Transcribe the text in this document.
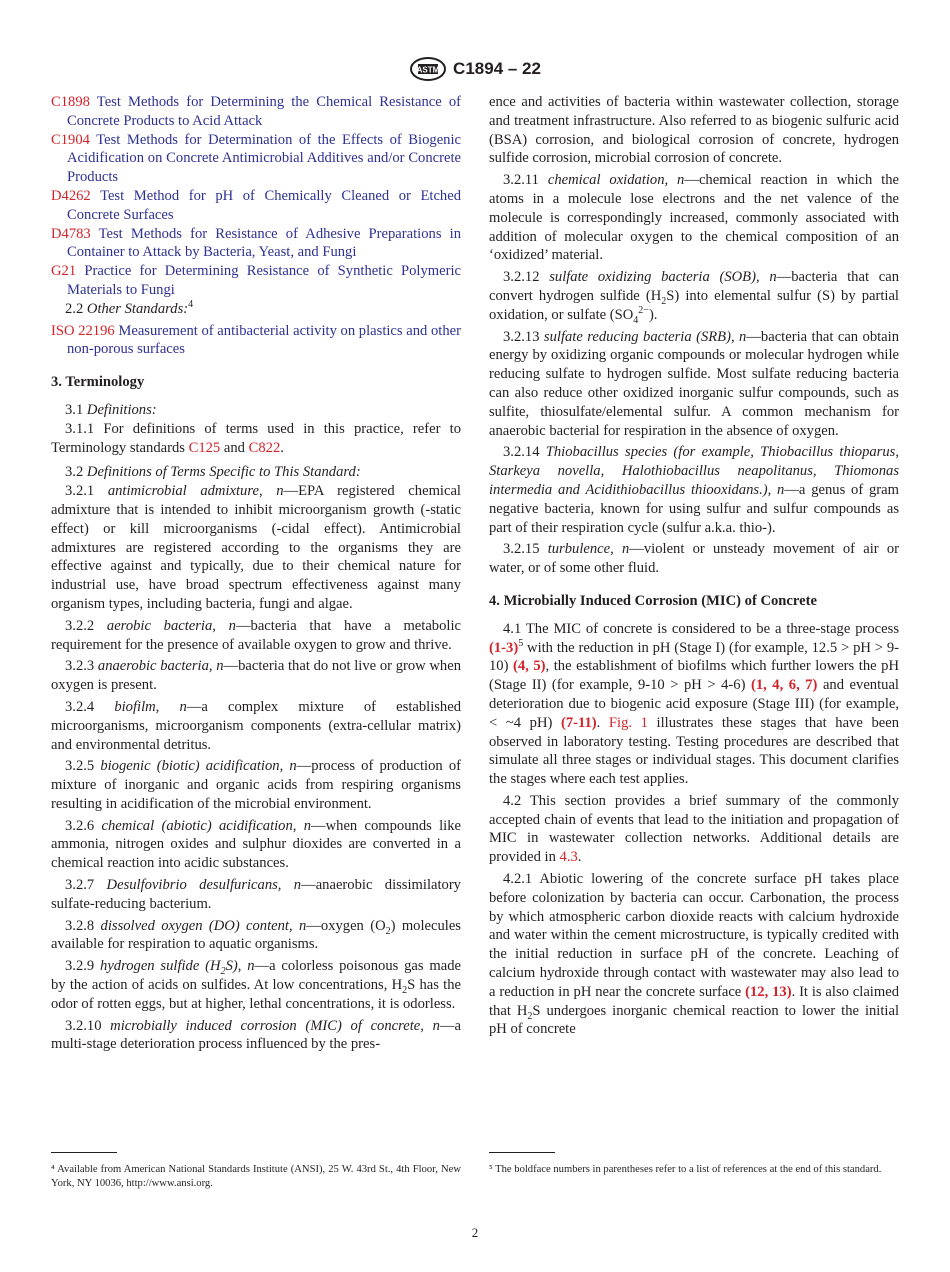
ASTM C1894 – 22

C1898 Test Methods for Determining the Chemical Resistance of Concrete Products to Acid Attack

C1904 Test Methods for Determination of the Effects of Biogenic Acidification on Concrete Antimicrobial Additives and/or Concrete Products

D4262 Test Method for pH of Chemically Cleaned or Etched Concrete Surfaces

D4783 Test Methods for Resistance of Adhesive Preparations in Container to Attack by Bacteria, Yeast, and Fungi

G21 Practice for Determining Resistance of Synthetic Polymeric Materials to Fungi

2.2 Other Standards:$^4$

ISO 22196 Measurement of antibacterial activity on plastics and other non-porous surfaces

3. Terminology

3.1 Definitions:

3.1.1 For definitions of terms used in this practice, refer to Terminology standards C125 and C822.

3.2 Definitions of Terms Specific to This Standard:

3.2.1 antimicrobial admixture, n—EPA registered chemical admixture that is intended to inhibit microorganism growth (-static effect) or kill microorganisms (-cidal effect). Antimicrobial admixtures are registered according to the organisms they are effective against and typically, due to their chemical nature for industrial use, have broad spectrum effectiveness against many organism types, including bacteria, fungi and algae.

3.2.2 aerobic bacteria, n—bacteria that have a metabolic requirement for the presence of available oxygen to grow and thrive.

3.2.3 anaerobic bacteria, n—bacteria that do not live or grow when oxygen is present.

3.2.4 biofilm, n—a complex mixture of established microorganisms, microorganism components (extra-cellular matrix) and environmental detritus.

3.2.5 biogenic (biotic) acidification, n—process of production of mixture of inorganic and organic acids from respiring organisms resulting in acidification of the microbial environment.

3.2.6 chemical (abiotic) acidification, n—when compounds like ammonia, nitrogen oxides and sulphur dioxides are converted in a chemical reaction into acidic substances.

3.2.7 Desulfovibrio desulfuricans, n—anaerobic dissimilatory sulfate-reducing bacterium.

3.2.8 dissolved oxygen (DO) content, n—oxygen $(O_2)$ molecules available for respiration to aquatic organisms.

3.2.9 hydrogen sulfide $(H_2S)$, n—a colorless poisonous gas made by the action of acids on sulfides. At low concentrations, $H_2S$ has the odor of rotten eggs, but at higher, lethal concentrations, it is odorless.

3.2.10 microbially induced corrosion (MIC) of concrete, n—a multi-stage deterioration process influenced by the pres-

ence and activities of bacteria within wastewater collection, storage and treatment infrastructure. Also referred to as biogenic sulfuric acid (BSA) corrosion, and biological corrosion of concrete, hydrogen sulfide corrosion, microbial corrosion of concrete.

3.2.11 chemical oxidation, n—chemical reaction in which the atoms in a molecule lose electrons and the net valence of the molecule is correspondingly increased, commonly associated with addition of molecular oxygen to the chemical composition of an ‘oxidized’ material.

3.2.12 sulfate oxidizing bacteria (SOB), n—bacteria that can convert hydrogen sulfide $(H_2S)$ into elemental sulfur (S) by partial oxidation, or sulfate $(SO_4^{2-})$.

3.2.13 sulfate reducing bacteria (SRB), n—bacteria that can obtain energy by oxidizing organic compounds or molecular hydrogen while reducing sulfate to hydrogen sulfide. Most sulfate reducing bacteria can also reduce other oxidized inorganic sulfur compounds, such as sulfite, thiosulfate/elemental sulfur. A common mechanism for anaerobic bacterial for respiration in the absence of oxygen.

3.2.14 Thiobacillus species (for example, Thiobacillus thioparus, Starkeya novella, Halothiobacillus neapolitanus, Thiomonas intermedia and Acidithiobacillus thiooxidans.), n—a genus of gram negative bacteria, known for using sulfur and sulfur compounds as part of their respiration cycle (sulfur a.k.a. thio-).

3.2.15 turbulence, n—violent or unsteady movement of air or water, or of some other fluid.

4. Microbially Induced Corrosion (MIC) of Concrete

4.1 The MIC of concrete is considered to be a three-stage process $(1-3)^5$ with the reduction in pH (Stage I) (for example, 12.5 > pH > 9-10) (4, 5), the establishment of biofilms which further lowers the pH (Stage II) (for example, 9-10 > pH > 4-6) (1, 4, 6, 7) and eventual deterioration due to biogenic acid exposure (Stage III) (for example, < ~4 pH) (7-11). Fig. 1 illustrates these stages that have been observed in laboratory testing. Testing procedures are described that simulate all three stages or individual stages. This document clarifies the stages where each test applies.

4.2 This section provides a brief summary of the commonly accepted chain of events that lead to the initiation and propagation of MIC in wastewater collection networks. Additional details are provided in 4.3.

4.2.1 Abiotic lowering of the concrete surface pH takes place before colonization by bacteria can occur. Carbonation, the process by which atmospheric carbon dioxide reacts with calcium hydroxide and water within the cement microstructure, is typically credited with the initial reduction in surface pH of the concrete. Leaching of calcium hydroxide through contact with wastewater may also lead to a reduction in pH near the concrete surface (12, 13). It is also claimed that $H_2S$ undergoes inorganic chemical reaction to lower the initial pH of concrete

⁴ Available from American National Standards Institute (ANSI), 25 W. 43rd St., 4th Floor, New York, NY 10036, http://www.ansi.org.
⁵ The boldface numbers in parentheses refer to a list of references at the end of this standard.
2
